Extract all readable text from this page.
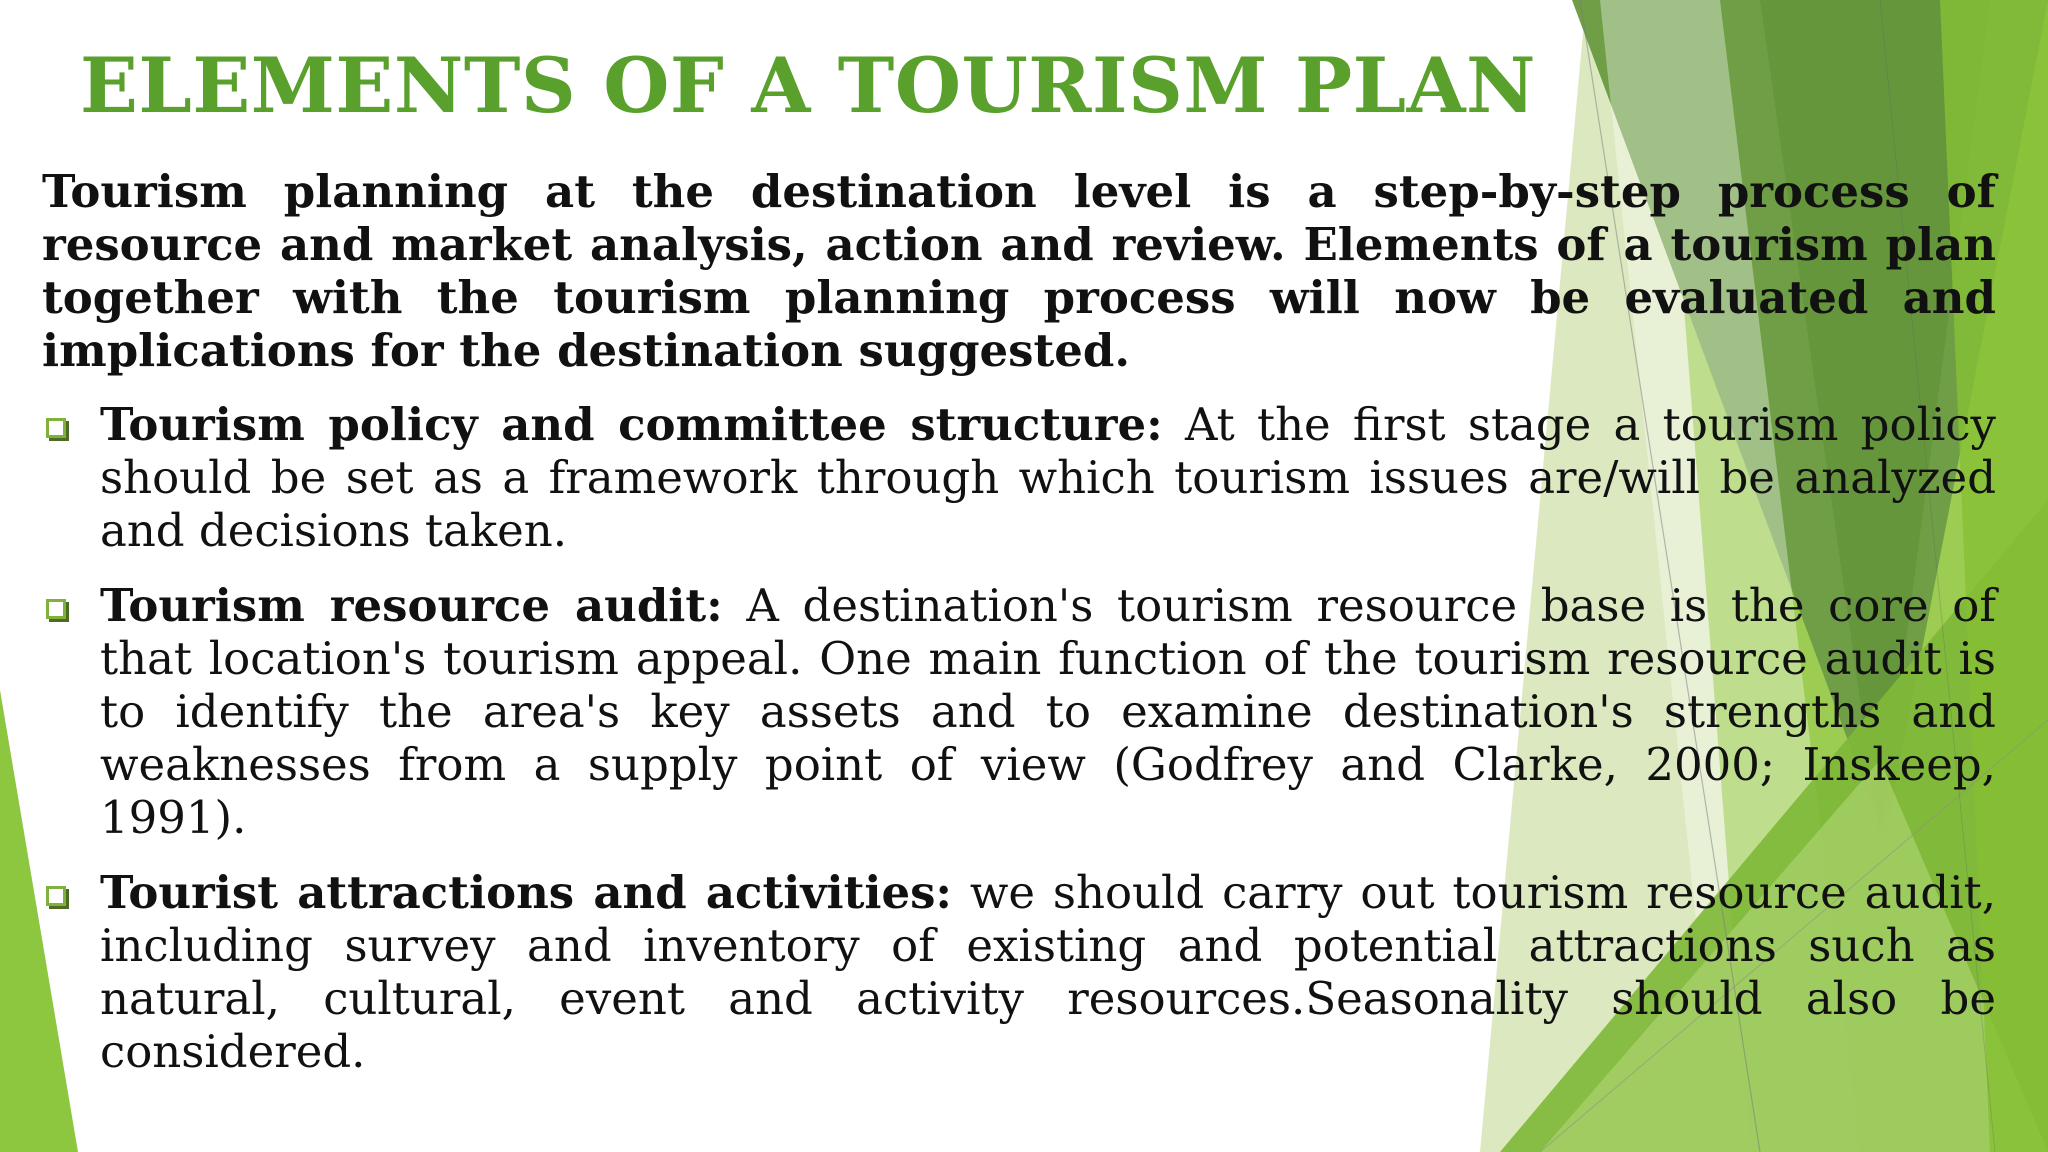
ELEMENTS OF A TOURISM PLAN

Tourism planning at the destination level is a step-by-step process of resource and market analysis, action and review. Elements of a tourism plan together with the tourism planning process will now be evaluated and implications for the destination suggested.

Tourism policy and committee structure: At the first stage a tourism policy should be set as a framework through which tourism issues are/will be analyzed and decisions taken.
Tourism resource audit: A destination's tourism resource base is the core of that location's tourism appeal. One main function of the tourism resource audit is to identify the area's key assets and to examine destination's strengths and weaknesses from a supply point of view (Godfrey and Clarke, 2000; Inskeep, 1991).
Tourist attractions and activities: we should carry out tourism resource audit, including survey and inventory of existing and potential attractions such as natural, cultural, event and activity resources.Seasonality should also be considered.
